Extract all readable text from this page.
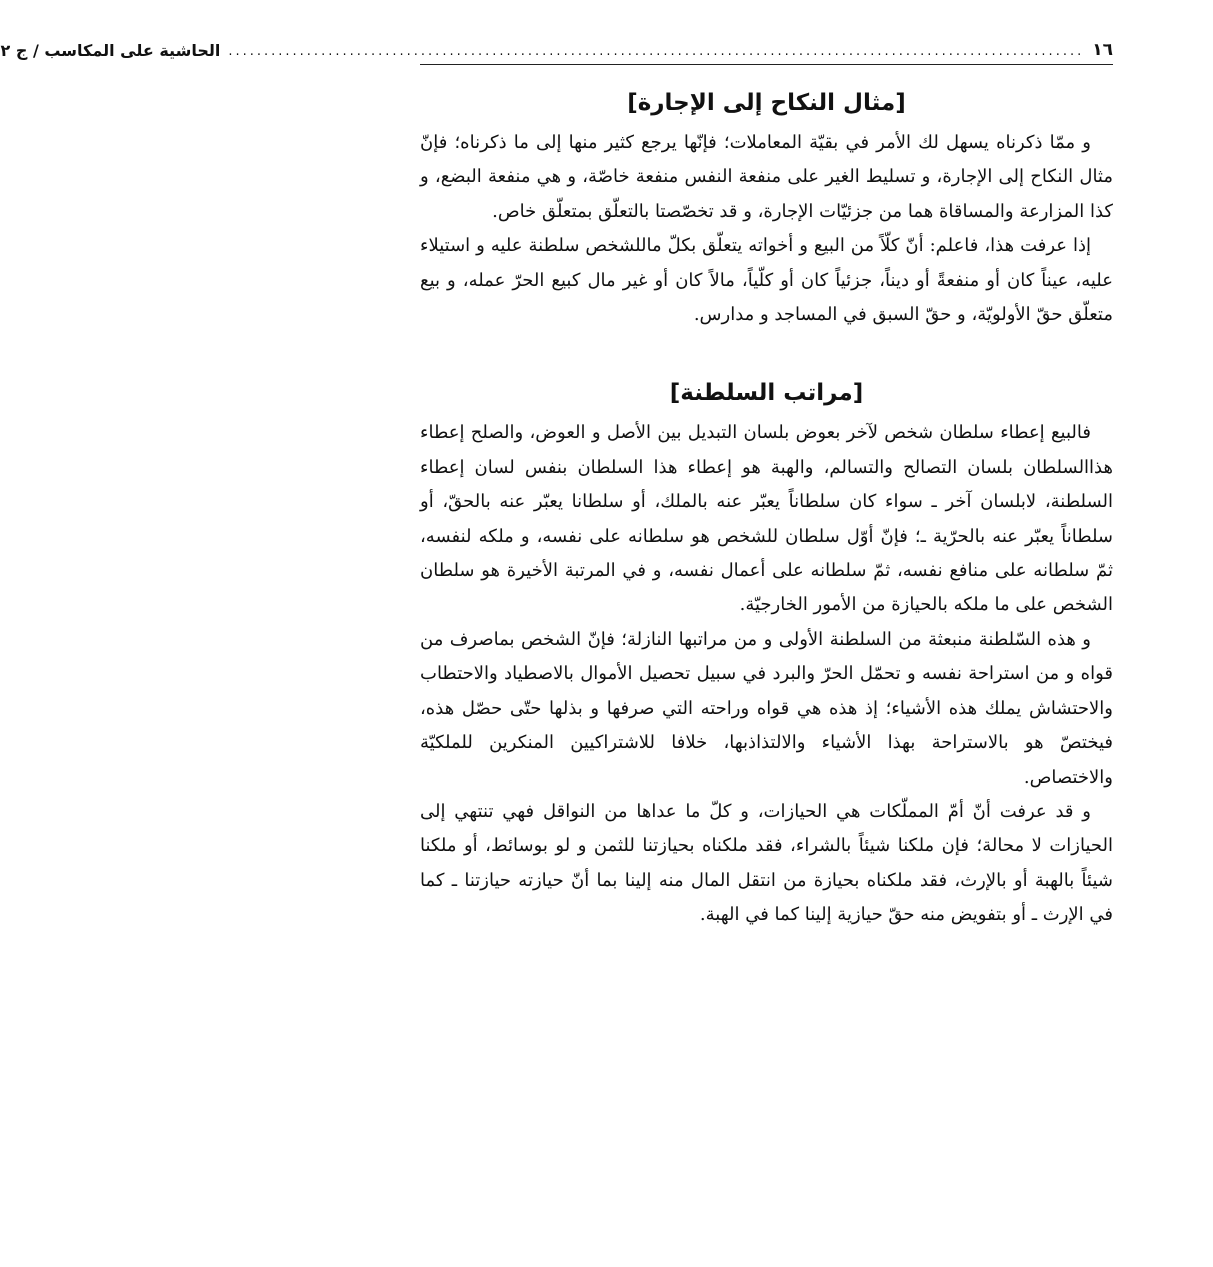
١٦
........................................................................................................................
الحاشية على المكاسب / ج ٢
[مثال النكاح إلى الإجارة]

و ممّا ذكرناه يسهل لك الأمر في بقيّة المعاملات؛ فإنّها يرجع كثير منها إلى ما ذكرناه؛ فإنّ مثال النكاح إلى الإجارة، و تسليط الغير على منفعة النفس منفعة خاصّة، و هي منفعة البضع، و كذا المزارعة والمساقاة هما من جزئيّات الإجارة، و قد تخصّصتا بالتعلّق بمتعلّق خاص.

إذا عرفت هذا، فاعلم: أنّ كلّاً من البيع و أخواته يتعلّق بكلّ ماللشخص سلطنة عليه و استيلاء عليه، عيناً كان أو منفعةً أو ديناً، جزئياً كان أو كلّياً، مالاً كان أو غير مال كبيع الحرّ عمله، و بيع متعلّق حقّ الأولويّة، و حقّ السبق في المساجد و مدارس.

[مراتب السلطنة]

فالبيع إعطاء سلطان شخص لآخر بعوض بلسان التبديل بين الأصل و العوض، والصلح إعطاء هذاالسلطان بلسان التصالح والتسالم، والهبة هو إعطاء هذا السلطان بنفس لسان إعطاء السلطنة، لابلسان آخر ـ سواء كان سلطاناً يعبّر عنه بالملك، أو سلطانا يعبّر عنه بالحقّ، أو سلطاناً يعبّر عنه بالحرّية ـ؛ فإنّ أوّل سلطان للشخص هو سلطانه على نفسه، و ملكه لنفسه، ثمّ سلطانه على منافع نفسه، ثمّ سلطانه على أعمال نفسه، و في المرتبة الأخيرة هو سلطان الشخص على ما ملكه بالحيازة من الأمور الخارجيّة.

و هذه السّلطنة منبعثة من السلطنة الأولى و من مراتبها النازلة؛ فإنّ الشخص بماصرف من قواه و من استراحة نفسه و تحمّل الحرّ والبرد في سبيل تحصيل الأموال بالاصطياد والاحتطاب والاحتشاش يملك هذه الأشياء؛ إذ هذه هي قواه وراحته التي صرفها و بذلها حتّى حصّل هذه، فيختصّ هو بالاستراحة بهذا الأشياء والالتذاذبها، خلافا للاشتراكيين المنكرين للملكيّة والاختصاص.

و قد عرفت أنّ أمّ المملّكات هي الحيازات، و كلّ ما عداها من النواقل فهي تنتهي إلى الحيازات لا محالة؛ فإن ملكنا شيئاً بالشراء، فقد ملكناه بحيازتنا للثمن و لو بوسائط، أو ملكنا شيئاً بالهبة أو بالإرث، فقد ملكناه بحيازة من انتقل المال منه إلينا بما أنّ حيازته حيازتنا ـ كما في الإرث ـ أو بتفويض منه حقّ حيازية إلينا كما في الهبة.
